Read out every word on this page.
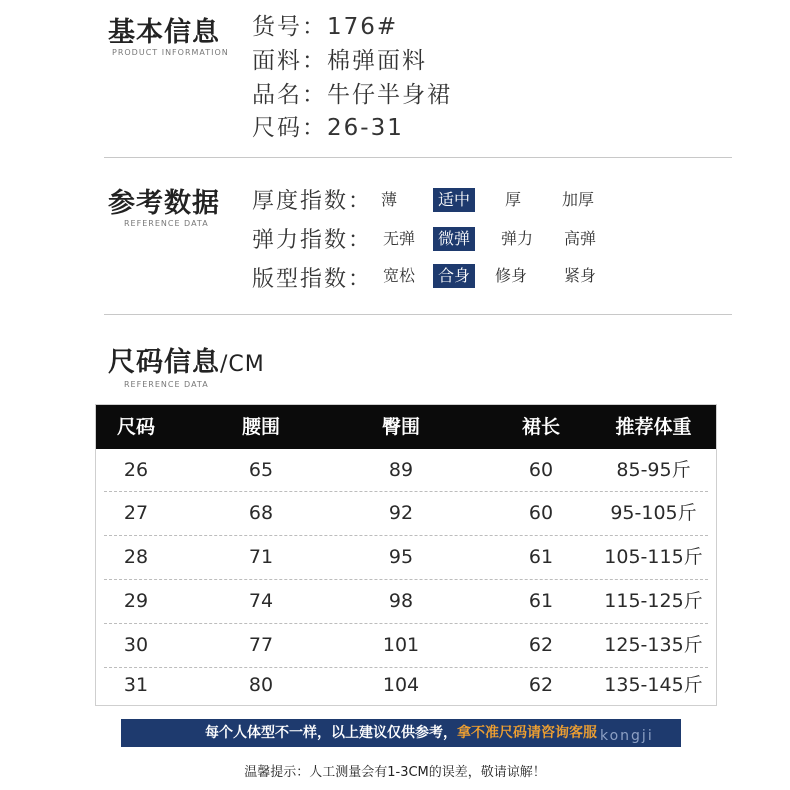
基本信息
PRODUCT INFORMATION
货号：176#
面料：棉弹面料
品名：牛仔半身裙
尺码：26-31
参考数据
REFERENCE DATA
厚度指数： 薄	适中	厚	加厚
弹力指数： 无弹	微弹	弹力	高弹
版型指数： 宽松	合身	修身	紧身
尺码信息/CM
REFERENCE DATA
尺码	腰围	臀围	裙长	推荐体重
26	65	89	60	85-95斤
27	68	92	60	95-105斤
28	71	95	61	105-115斤
29	74	98	61	115-125斤
30	77	101	62	125-135斤
31	80	104	62	135-145斤
每个人体型不一样，以上建议仅供参考，拿不准尺码请咨询客服 kongji
温馨提示：人工测量会有1-3CM的误差，敬请谅解！
